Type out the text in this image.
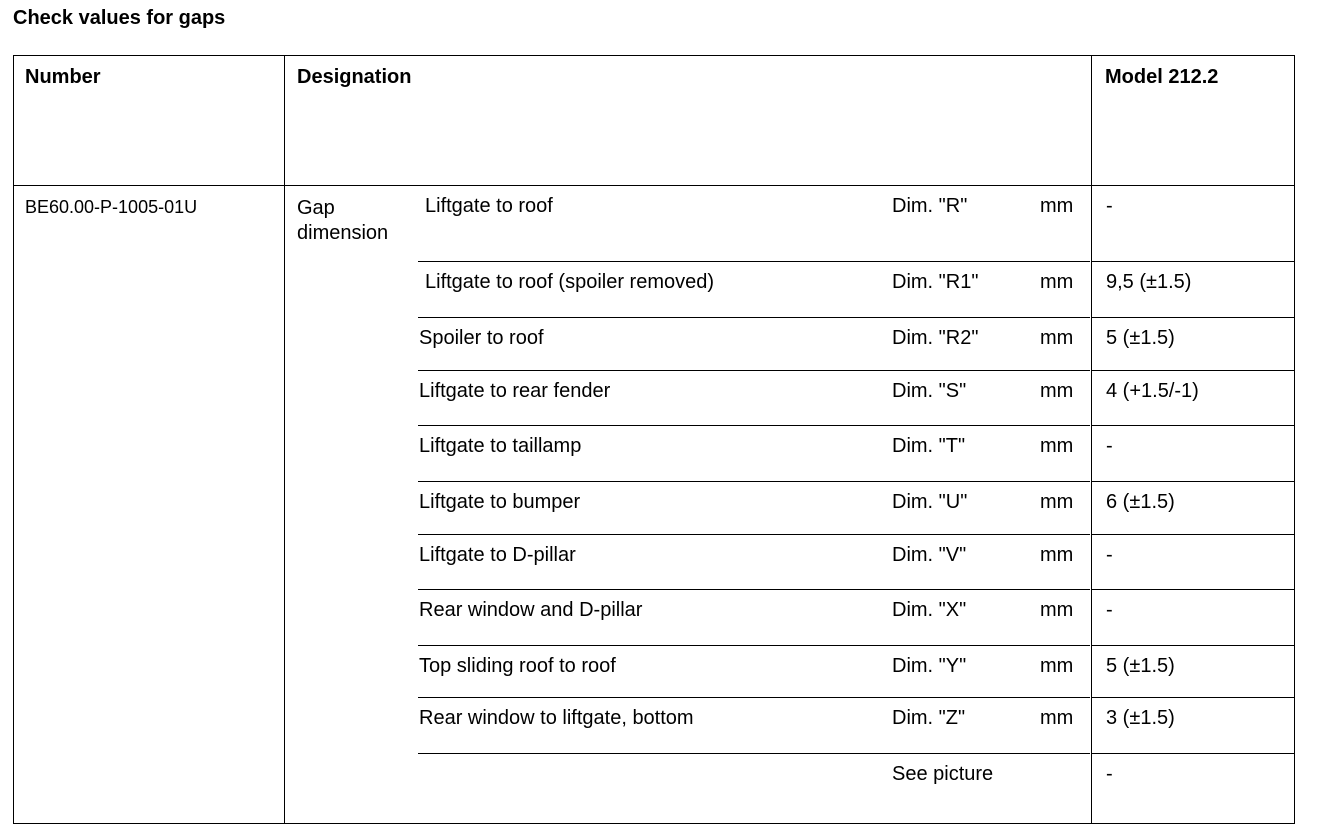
Check values for gaps
Number	Designation	Model 212.2
BE60.00-P-1005-01U	Gap dimension
Liftgate to roof	Dim. "R"	mm -
Liftgate to roof (spoiler removed)	Dim. "R1"	mm 9,5 (±1.5)
Spoiler to roof	Dim. "R2"	mm 5 (±1.5)
Liftgate to rear fender	Dim. "S"	mm 4 (+1.5/-1)
Liftgate to taillamp	Dim. "T"	mm -
Liftgate to bumper	Dim. "U"	mm 6 (±1.5)
Liftgate to D-pillar	Dim. "V"	mm -
Rear window and D-pillar	Dim. "X"	mm -
Top sliding roof to roof	Dim. "Y"	mm 5 (±1.5)
Rear window to liftgate, bottom	Dim. "Z"	mm 3 (±1.5)
See picture	-
